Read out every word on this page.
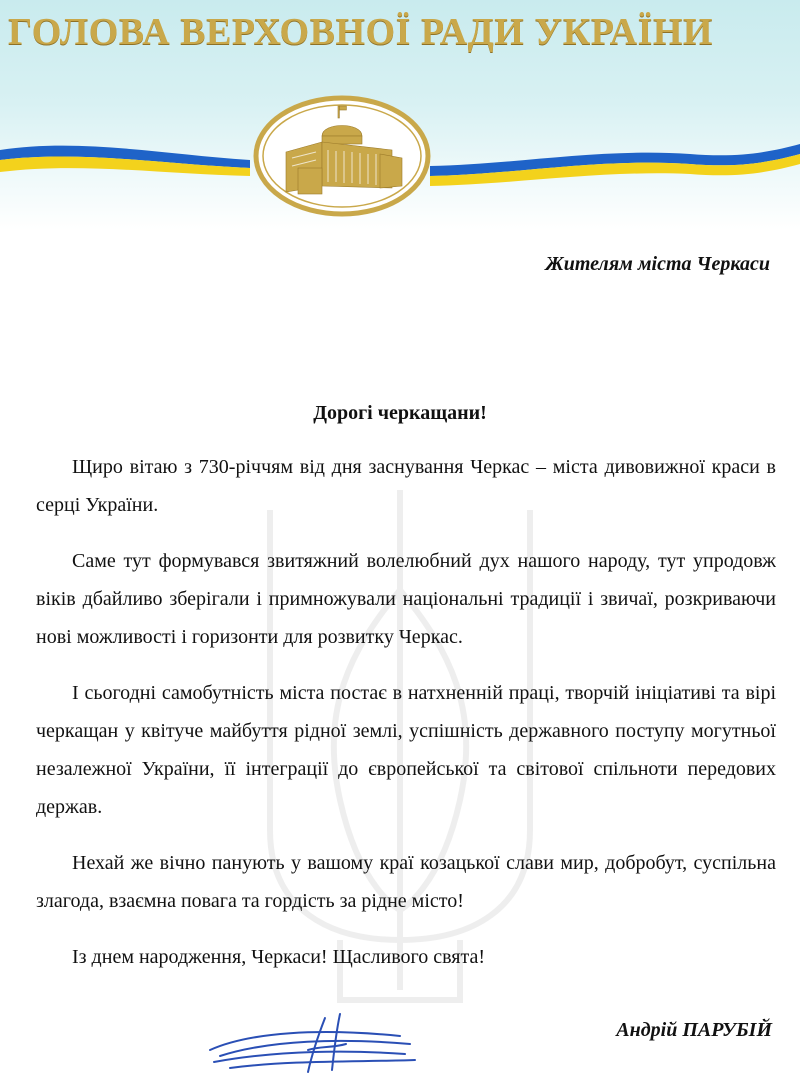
ГОЛОВА ВЕРХОВНОЇ РАДИ УКРАЇНИ
Жителям міста Черкаси
Дорогі черкащани!

Щиро вітаю з 730-річчям від дня заснування Черкас – міста дивовижної краси в серці України.

Саме тут формувався звитяжний волелюбний дух нашого народу, тут упродовж віків дбайливо зберігали і примножували національні традиції і звичаї, розкриваючи нові можливості і горизонти для розвитку Черкас.

І сьогодні самобутність міста постає в натхненній праці, творчій ініціативі та вірі черкащан у квітуче майбуття рідної землі, успішність державного поступу могутньої незалежної України, її інтеграції до європейської та світової спільноти передових держав.

Нехай же вічно панують у вашому краї козацької слави мир, добробут, суспільна злагода, взаємна повага та гордість за рідне місто!

Із днем народження, Черкаси! Щасливого свята!

Андрій ПАРУБІЙ
